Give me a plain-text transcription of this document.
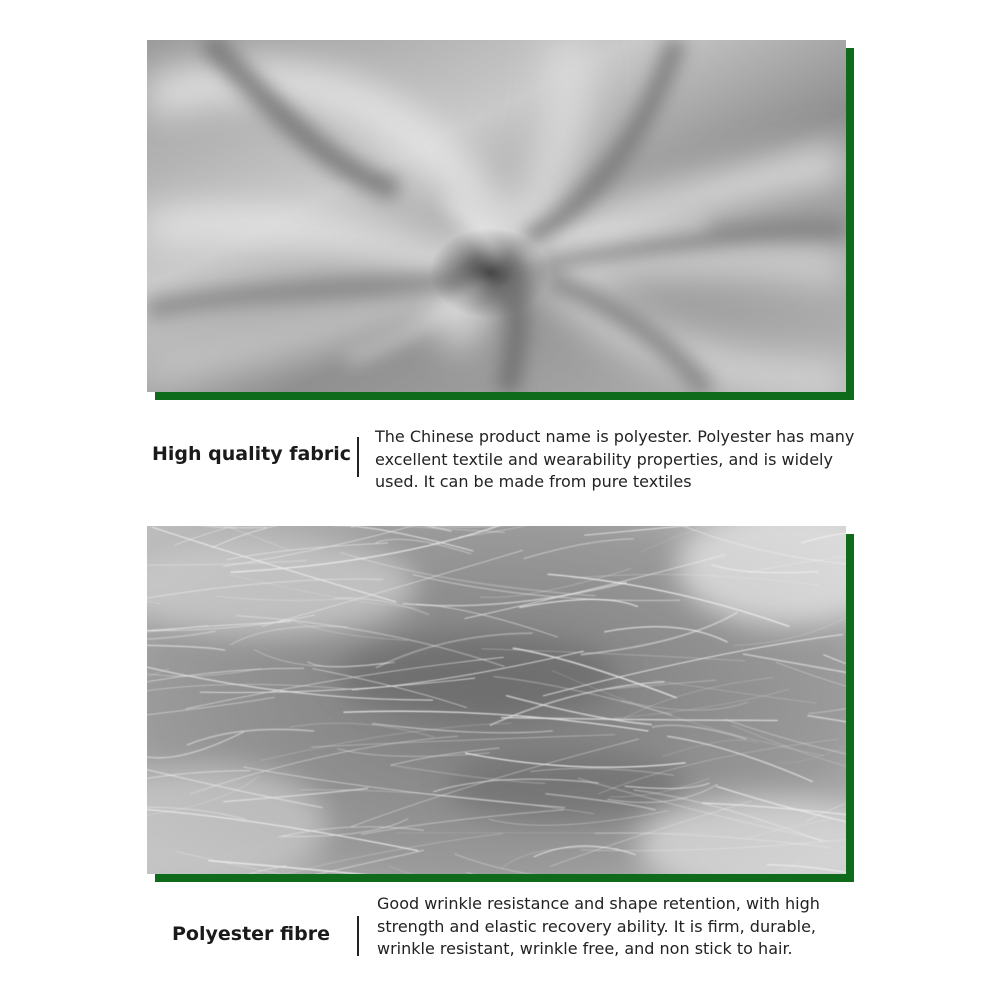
High quality fabric
The Chinese product name is polyester. Polyester has many excellent textile and wearability properties, and is widely used. It can be made from pure textiles
Polyester fibre
Good wrinkle resistance and shape retention, with high strength and elastic recovery ability. It is firm, durable, wrinkle resistant, wrinkle free, and non stick to hair.
